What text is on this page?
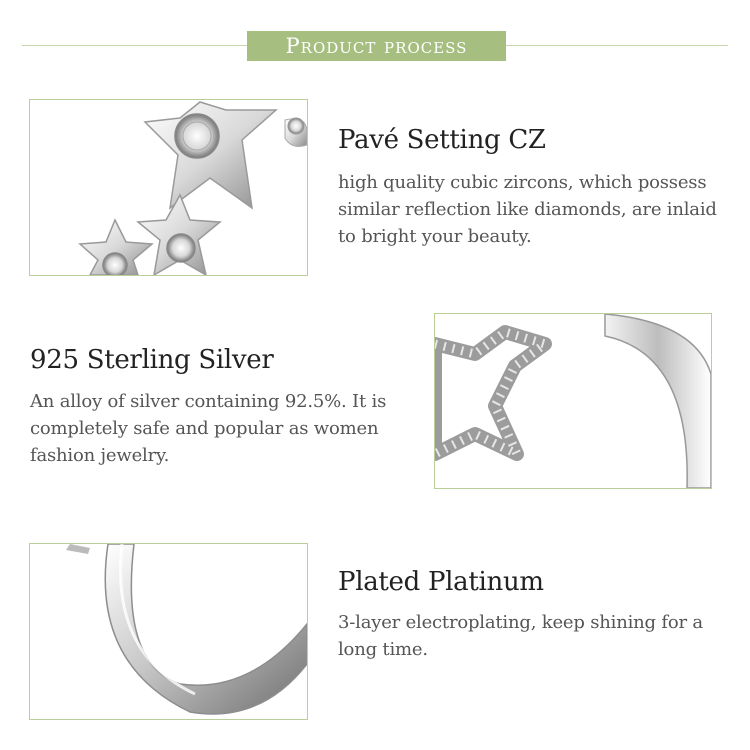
Product process
Pavé Setting CZ
high quality cubic zircons, which possess similar reflection like diamonds, are inlaid to bright your beauty.
925 Sterling Silver
An alloy of silver containing 92.5%. It is completely safe and popular as women fashion jewelry.
Plated Platinum
3-layer electroplating, keep shining for a long time.
